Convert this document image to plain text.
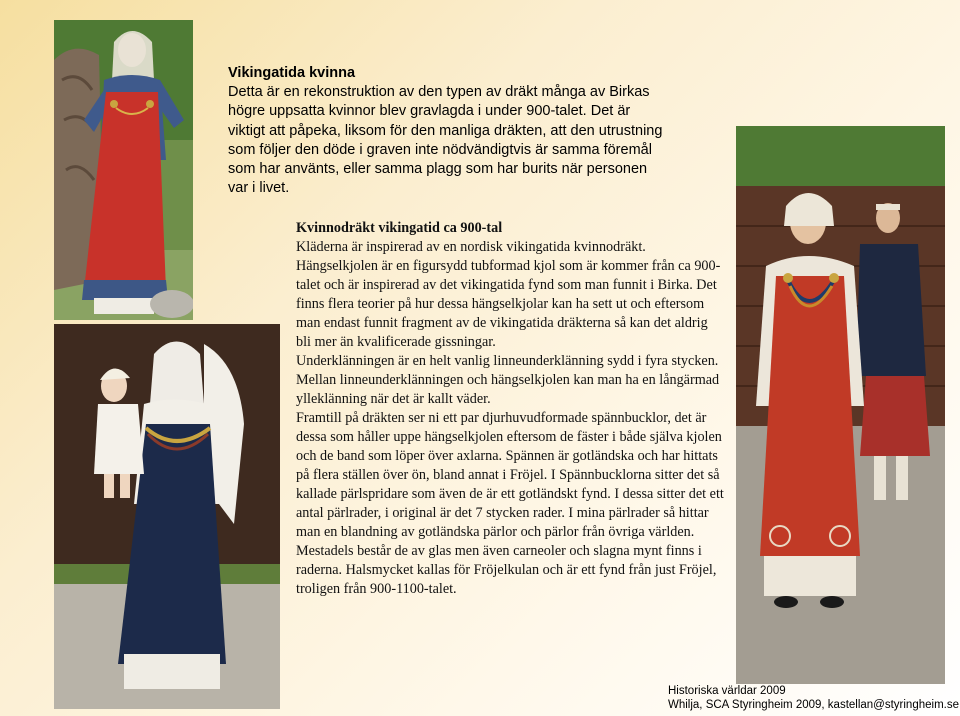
Vikingatida kvinna
Detta är en rekonstruktion av den typen av dräkt många av Birkas högre uppsatta kvinnor blev gravlagda i under 900-talet. Det är viktigt att påpeka, liksom för den manliga dräkten, att den utrustning som följer den döde i graven inte nödvändigtvis är samma föremål som har använts, eller samma plagg som har burits när personen var i livet.
Kvinnodräkt vikingatid ca 900-tal

Kläderna är inspirerad av en nordisk vikingatida kvinnodräkt. Hängselkjolen är en figursydd tubformad kjol som är kommer från ca 900-talet och är inspirerad av det vikingatida fynd som man funnit i Birka. Det finns flera teorier på hur dessa hängselkjolar kan ha sett ut och eftersom man endast funnit fragment av de vikingatida dräkterna så kan det aldrig bli mer än kvalificerade gissningar.

Underklänningen är en helt vanlig linneunderklänning sydd i fyra stycken. Mellan linneunderklänningen och hängselkjolen kan man ha en långärmad ylleklänning när det är kallt väder.

Framtill på dräkten ser ni ett par djurhuvudformade spännbucklor, det är dessa som håller uppe hängselkjolen eftersom de fäster i både själva kjolen och de band som löper över axlarna. Spännen är gotländska och har hittats på flera ställen över ön, bland annat i Fröjel. I Spännbucklorna sitter det så kallade pärlspridare som även de är ett gotländskt fynd. I dessa sitter det ett antal pärlrader, i original är det 7 stycken rader. I mina pärlrader så hittar man en blandning av gotländska pärlor och pärlor från övriga världen. Mestadels består de av glas men även carneoler och slagna mynt finns i raderna. Halsmycket kallas för Fröjelkulan och är ett fynd från just Fröjel, troligen från 900-1100-talet.

Historiska världar 2009
Whilja, SCA Styringheim 2009, kastellan@styringheim.se
